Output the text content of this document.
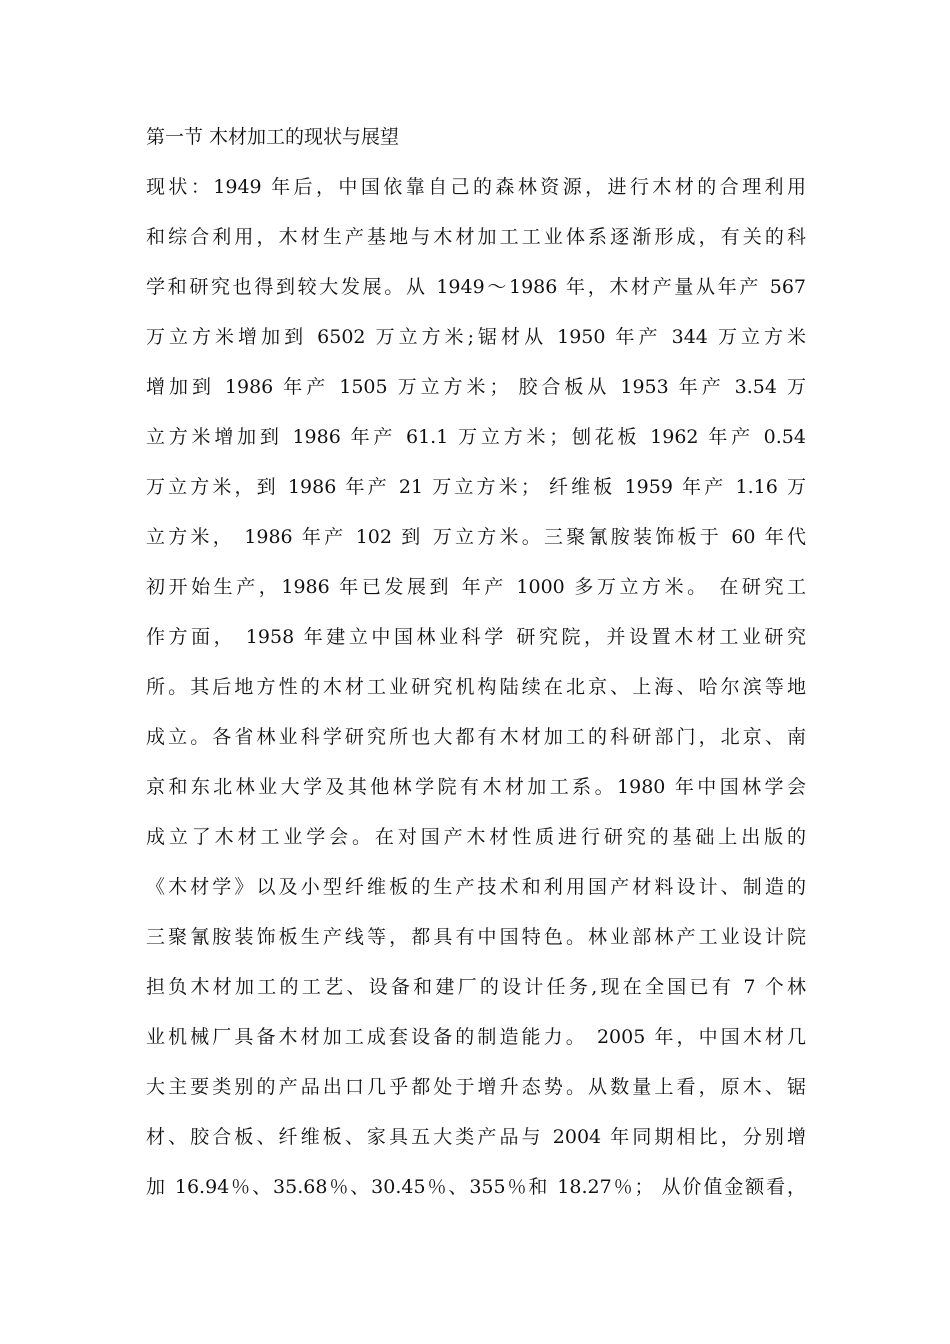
第一节 木材加工的现状与展望
现状：1949 年后，中国依靠自己的森林资源，进行木材的合理利用
和综合利用，木材生产基地与木材加工工业体系逐渐形成，有关的科
学和研究也得到较大发展。从 1949～1986 年，木材产量从年产 567
万立方米增加到 6502 万立方米;锯材从 1950 年产 344 万立方米
增加到 1986 年产 1505 万立方米； 胶合板从 1953 年产 3.54 万
立方米增加到 1986 年产 61.1 万立方米；刨花板 1962 年产 0.54
万立方米，到 1986 年产 21 万立方米； 纤维板 1959 年产 1.16 万
立方米， 1986 年产 102 到 万立方米。三聚氰胺装饰板于 60 年代
初开始生产，1986 年已发展到 年产 1000 多万立方米。 在研究工
作方面， 1958 年建立中国林业科学 研究院，并设置木材工业研究
所。其后地方性的木材工业研究机构陆续在北京、上海、哈尔滨等地
成立。各省林业科学研究所也大都有木材加工的科研部门，北京、南
京和东北林业大学及其他林学院有木材加工系。1980 年中国林学会
成立了木材工业学会。在对国产木材性质进行研究的基础上出版的
《木材学》以及小型纤维板的生产技术和利用国产材料设计、制造的
三聚氰胺装饰板生产线等，都具有中国特色。林业部林产工业设计院
担负木材加工的工艺、设备和建厂的设计任务,现在全国已有 7 个林
业机械厂具备木材加工成套设备的制造能力。 2005 年，中国木材几
大主要类别的产品出口几乎都处于增升态势。从数量上看，原木、锯
材、胶合板、纤维板、家具五大类产品与 2004 年同期相比，分别增
加 16.94％、35.68％、30.45％、355％和 18.27％； 从价值金额看，
